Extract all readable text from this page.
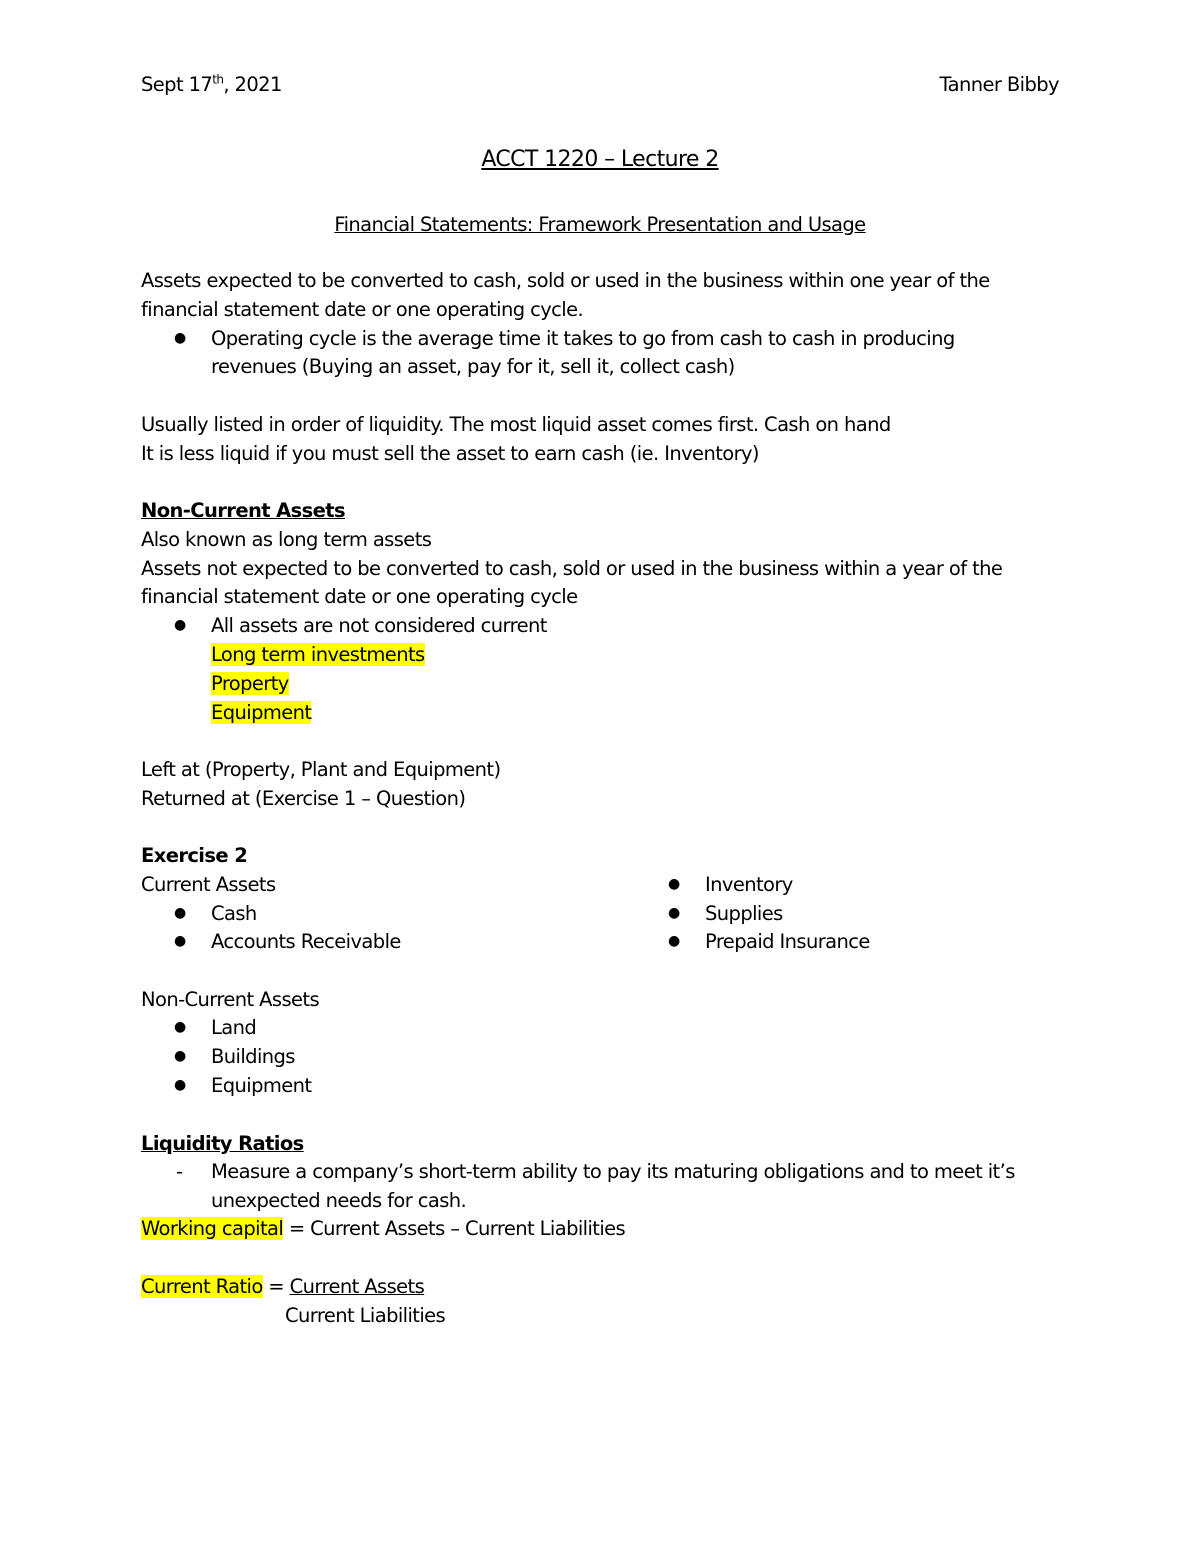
Sept 17th, 2021	Tanner Bibby
ACCT 1220 – Lecture 2
Financial Statements: Framework Presentation and Usage
Assets expected to be converted to cash, sold or used in the business within one year of the
financial statement date or one operating cycle.
● Operating cycle is the average time it takes to go from cash to cash in producing
revenues (Buying an asset, pay for it, sell it, collect cash)
Usually listed in order of liquidity. The most liquid asset comes first. Cash on hand
It is less liquid if you must sell the asset to earn cash (ie. Inventory)
Non-Current Assets
Also known as long term assets
Assets not expected to be converted to cash, sold or used in the business within a year of the
financial statement date or one operating cycle
● All assets are not considered current
Long term investments
Property
Equipment
Left at (Property, Plant and Equipment)
Returned at (Exercise 1 – Question)
Exercise 2
Current Assets
● Cash
● Accounts Receivable
● Inventory
● Supplies
● Prepaid Insurance
Non-Current Assets
● Land
● Buildings
● Equipment
Liquidity Ratios
- Measure a company’s short-term ability to pay its maturing obligations and to meet it’s
unexpected needs for cash.
Working capital = Current Assets – Current Liabilities
Current Ratio = Current Assets
Current Liabilities
